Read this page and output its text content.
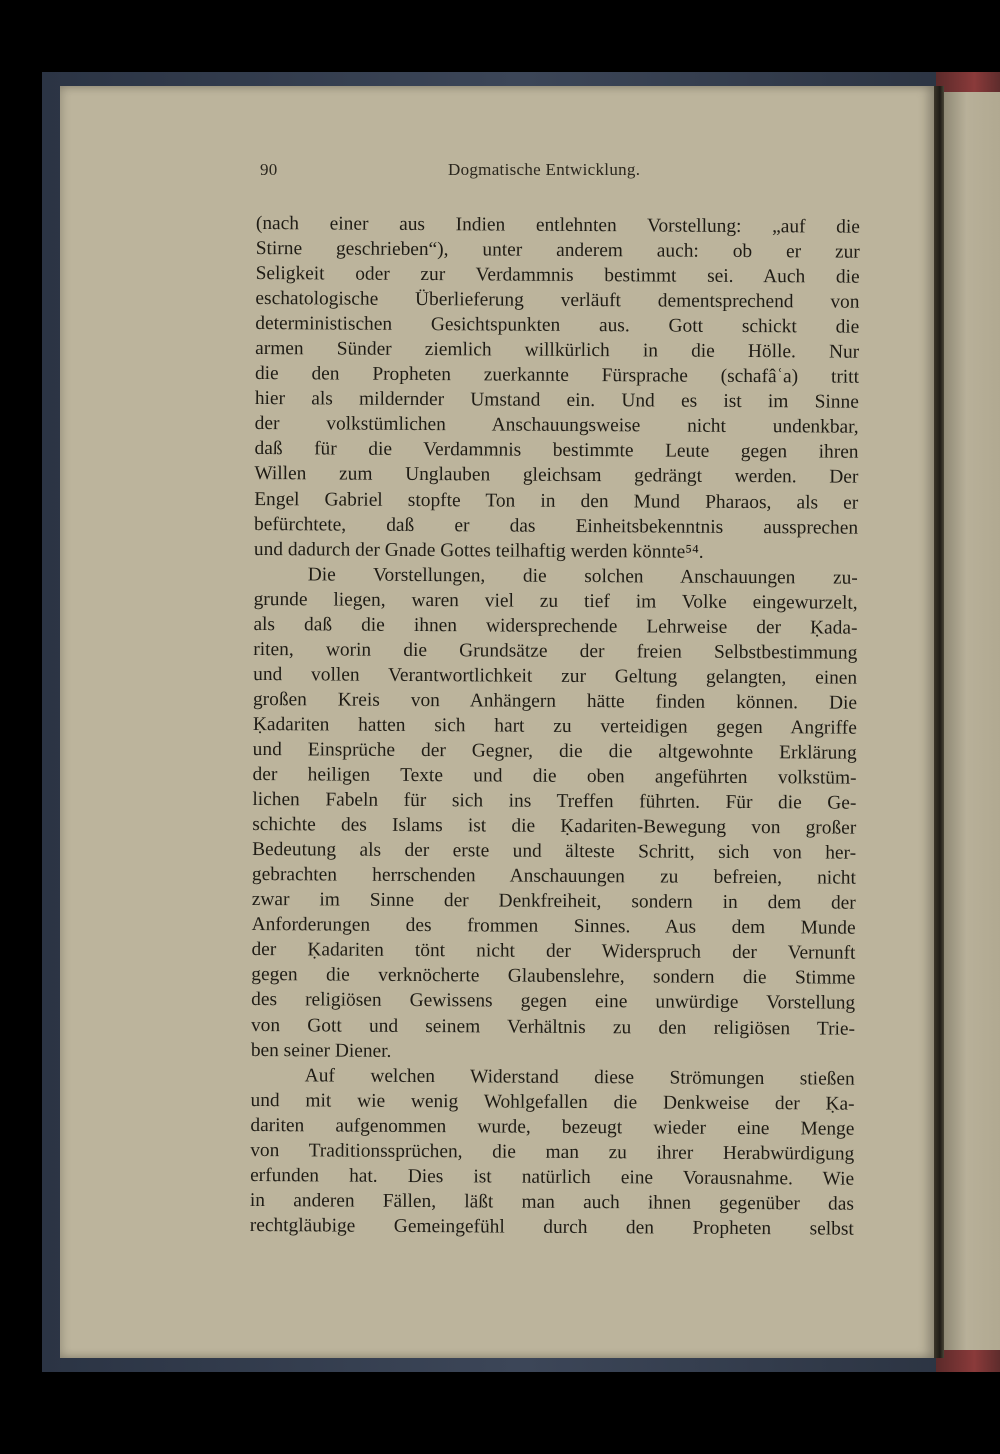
90	Dogmatische Entwicklung.
(nach einer aus Indien entlehnten Vorstellung: „auf die
Stirne geschrieben“), unter anderem auch: ob er zur
Seligkeit oder zur Verdammnis bestimmt sei. Auch die
eschatologische Überlieferung verläuft dementsprechend von
deterministischen Gesichtspunkten aus. Gott schickt die
armen Sünder ziemlich willkürlich in die Hölle. Nur
die den Propheten zuerkannte Fürsprache (schafâʿa) tritt
hier als mildernder Umstand ein. Und es ist im Sinne
der volkstümlichen Anschauungsweise nicht undenkbar,
daß für die Verdammnis bestimmte Leute gegen ihren
Willen zum Unglauben gleichsam gedrängt werden. Der
Engel Gabriel stopfte Ton in den Mund Pharaos, als er
befürchtete, daß er das Einheitsbekenntnis aussprechen
und dadurch der Gnade Gottes teilhaftig werden könnte⁵⁴.
Die Vorstellungen, die solchen Anschauungen zu-
grunde liegen, waren viel zu tief im Volke eingewurzelt,
als daß die ihnen widersprechende Lehrweise der Ḳada-
riten, worin die Grundsätze der freien Selbstbestimmung
und vollen Verantwortlichkeit zur Geltung gelangten, einen
großen Kreis von Anhängern hätte finden können. Die
Ḳadariten hatten sich hart zu verteidigen gegen Angriffe
und Einsprüche der Gegner, die die altgewohnte Erklärung
der heiligen Texte und die oben angeführten volkstüm-
lichen Fabeln für sich ins Treffen führten. Für die Ge-
schichte des Islams ist die Ḳadariten-Bewegung von großer
Bedeutung als der erste und älteste Schritt, sich von her-
gebrachten herrschenden Anschauungen zu befreien, nicht
zwar im Sinne der Denkfreiheit, sondern in dem der
Anforderungen des frommen Sinnes. Aus dem Munde
der Ḳadariten tönt nicht der Widerspruch der Vernunft
gegen die verknöcherte Glaubenslehre, sondern die Stimme
des religiösen Gewissens gegen eine unwürdige Vorstellung
von Gott und seinem Verhältnis zu den religiösen Trie-
ben seiner Diener.
Auf welchen Widerstand diese Strömungen stießen
und mit wie wenig Wohlgefallen die Denkweise der Ḳa-
dariten aufgenommen wurde, bezeugt wieder eine Menge
von Traditionssprüchen, die man zu ihrer Herabwürdigung
erfunden hat. Dies ist natürlich eine Vorausnahme. Wie
in anderen Fällen, läßt man auch ihnen gegenüber das
rechtgläubige Gemeingefühl durch den Propheten selbst
